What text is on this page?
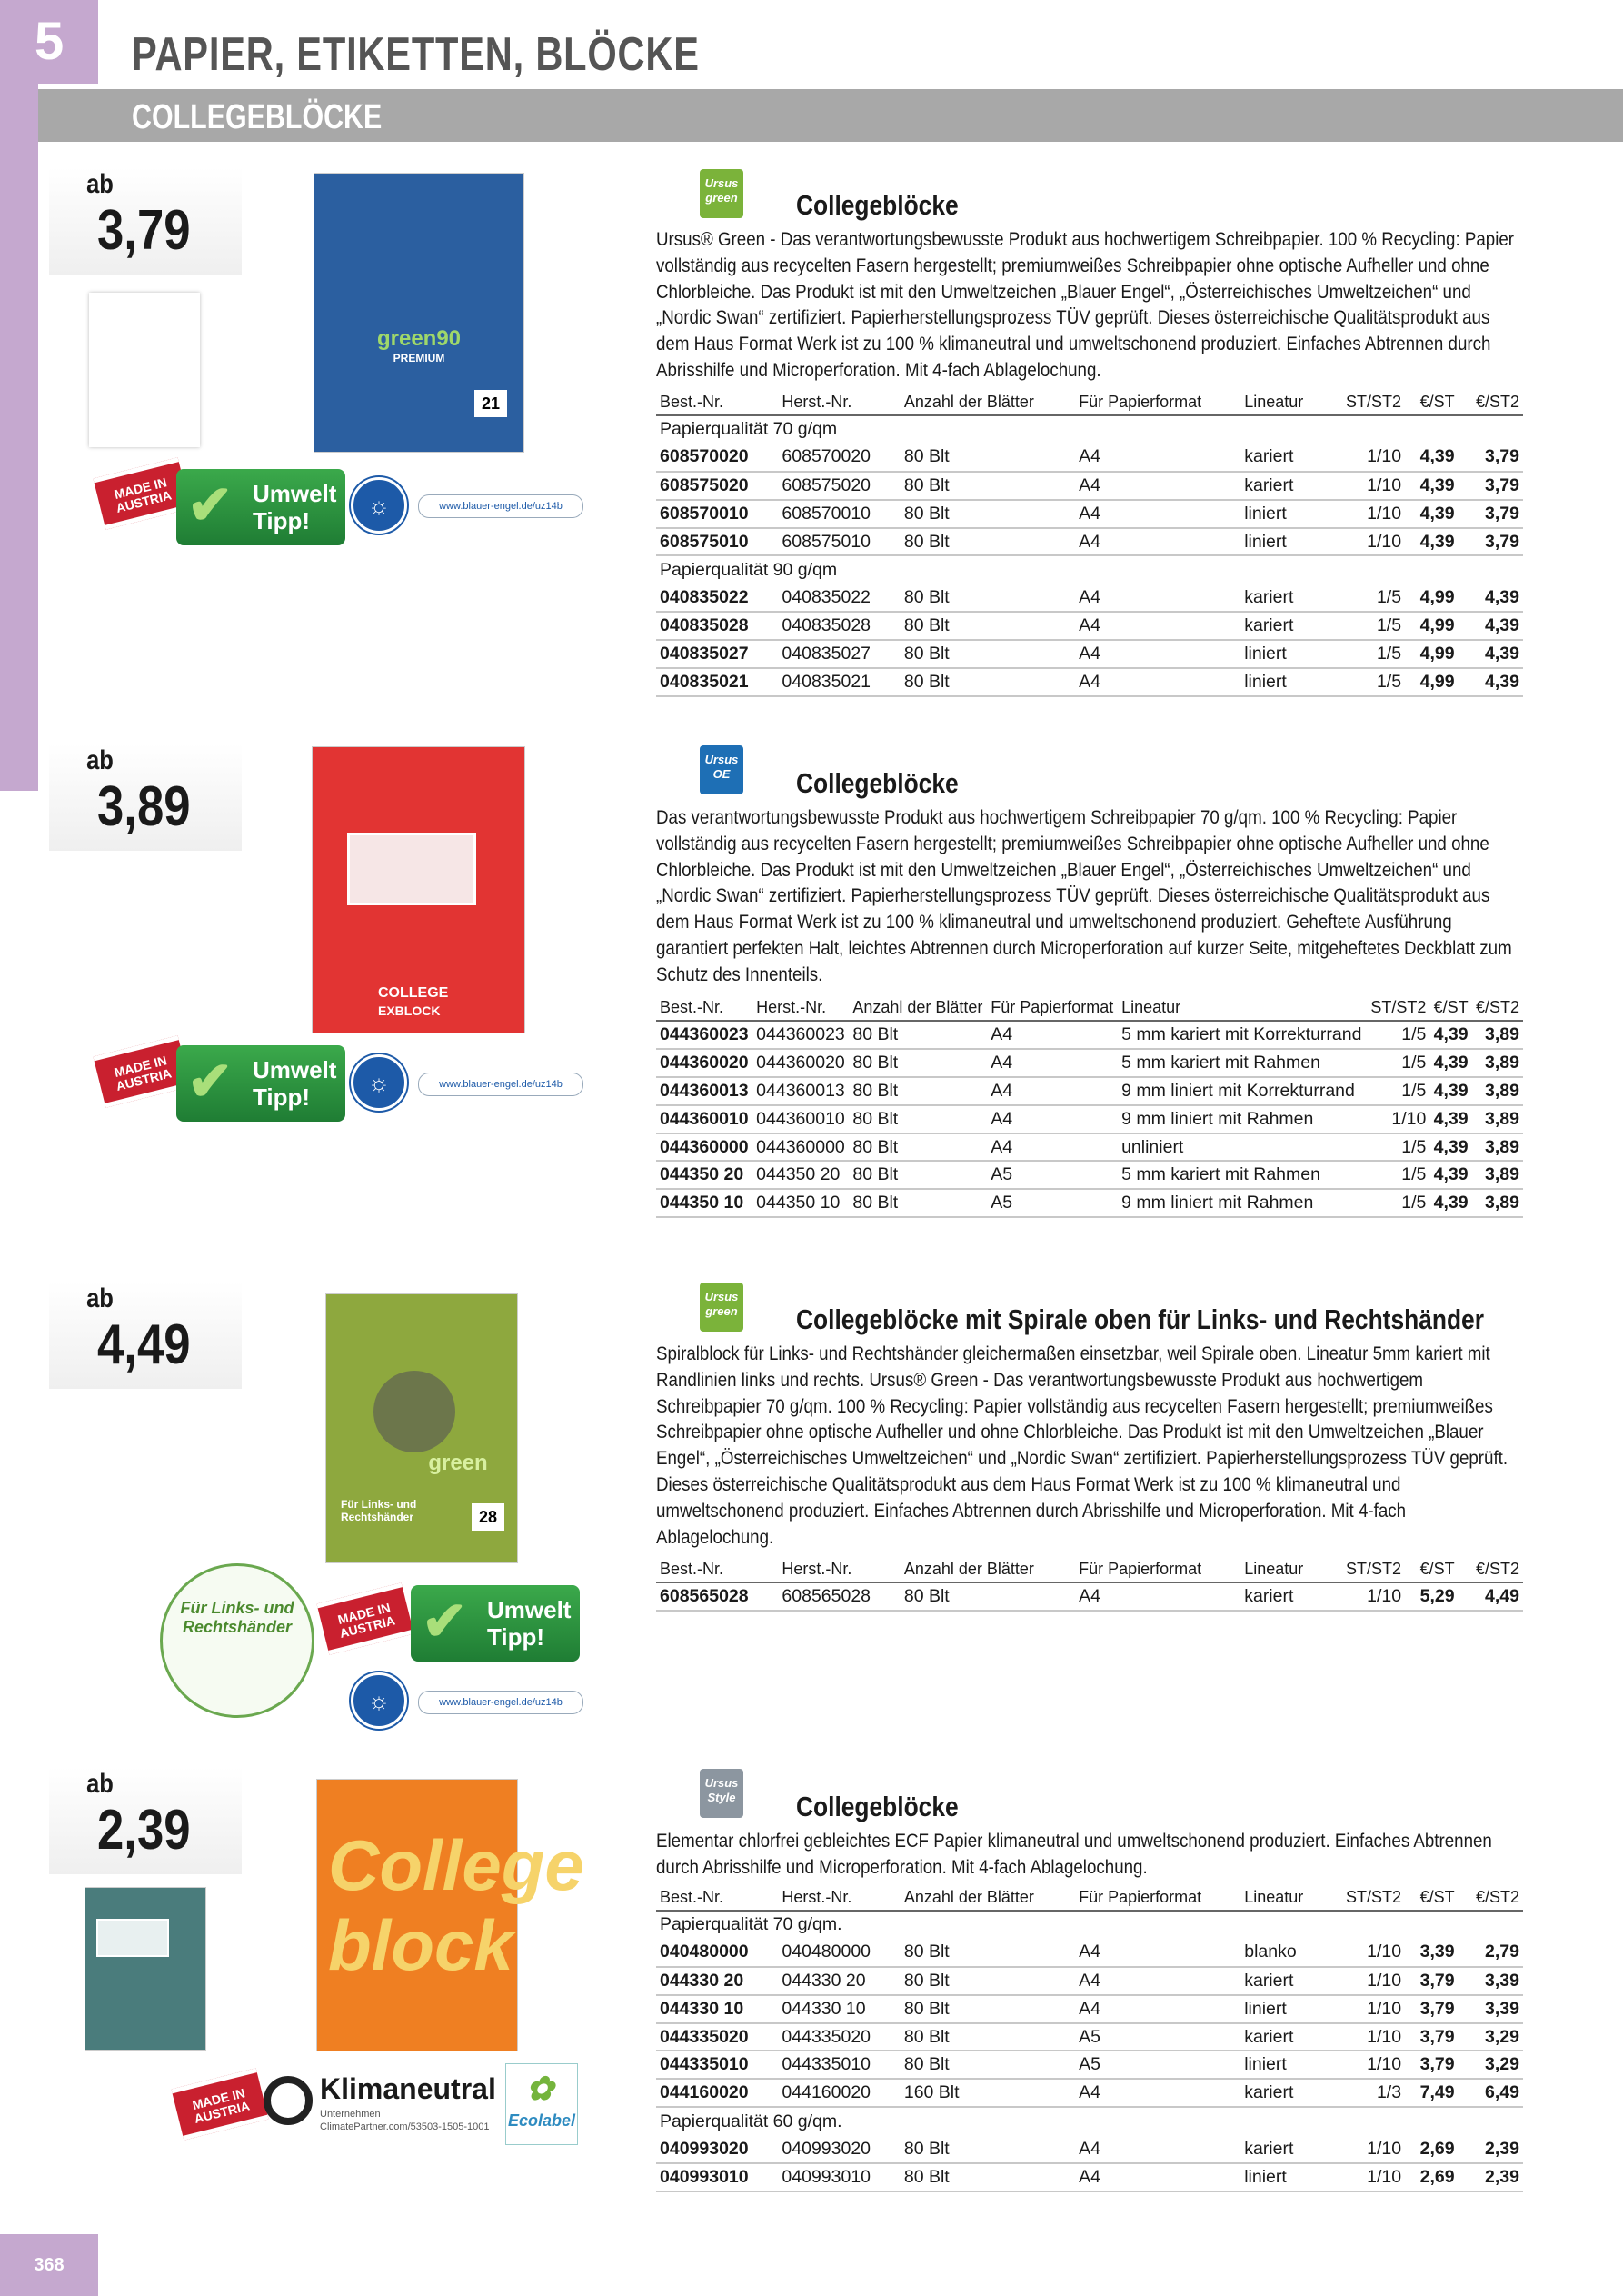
5	PAPIER, ETIKETTEN, BLÖCKE
COLLEGEBLÖCKE
368
ab
3,79
green90
PREMIUM
21
MADE IN AUSTRIA ✔ Umwelt Tipp!
☼	www.blauer-engel.de/uz14b
Ursus green Collegeblöcke
Ursus® Green - Das verantwortungsbewusste Produkt aus hochwertigem Schreibpapier. 100 % Recycling: Papier vollständig aus recycelten Fasern hergestellt; premiumweißes Schreibpapier ohne optische Aufheller und ohne Chlorbleiche. Das Produkt ist mit den Umweltzeichen „Blauer Engel“, „Österreichisches Umweltzeichen“ und „Nordic Swan“ zertifiziert. Papierherstellungsprozess TÜV geprüft. Dieses österreichische Qualitätsprodukt aus dem Haus Format Werk ist zu 100 % klimaneutral und umweltschonend produziert. Einfaches Abtrennen durch Abrisshilfe und Microperforation. Mit 4-fach Ablagelochung.
Best.-Nr.	Herst.-Nr.	Anzahl der Blätter	Für Papierformat	Lineatur	ST/ST2	€/ST	€/ST2
Papierqualität 70 g/qm							
608570020	608570020	80 Blt	A4	kariert	1/10	4,39	3,79
608575020	608575020	80 Blt	A4	kariert	1/10	4,39	3,79
608570010	608570010	80 Blt	A4	liniert	1/10	4,39	3,79
608575010	608575010	80 Blt	A4	liniert	1/10	4,39	3,79
Papierqualität 90 g/qm							
040835022	040835022	80 Blt	A4	kariert	1/5	4,99	4,39
040835028	040835028	80 Blt	A4	kariert	1/5	4,99	4,39
040835027	040835027	80 Blt	A4	liniert	1/5	4,99	4,39
040835021	040835021	80 Blt	A4	liniert	1/5	4,99	4,39
ab
3,89
COLLEGE
EXBLOCK
MADE IN AUSTRIA ✔ Umwelt Tipp!
☼	www.blauer-engel.de/uz14b
Ursus OE	Collegeblöcke
Das verantwortungsbewusste Produkt aus hochwertigem Schreibpapier 70 g/qm. 100 % Recycling: Papier vollständig aus recycelten Fasern hergestellt; premiumweißes Schreibpapier ohne optische Aufheller und ohne Chlorbleiche. Das Produkt ist mit den Umweltzeichen „Blauer Engel“, „Österreichisches Umweltzeichen“ und „Nordic Swan“ zertifiziert. Papierherstellungsprozess TÜV geprüft. Dieses österreichische Qualitätsprodukt aus dem Haus Format Werk ist zu 100 % klimaneutral und umweltschonend produziert. Geheftete Ausführung garantiert perfekten Halt, leichtes Abtrennen durch Microperforation auf kurzer Seite, mitgeheftetes Deckblatt zum Schutz des Innenteils.
Best.-Nr.	Herst.-Nr.	Anzahl der Blätter	Für Papierformat	Lineatur	ST/ST2	€/ST	€/ST2
044360023	044360023	80 Blt	A4	5 mm kariert mit Korrekturrand	1/5	4,39	3,89
044360020	044360020	80 Blt	A4	5 mm kariert mit Rahmen	1/5	4,39	3,89
044360013	044360013	80 Blt	A4	9 mm liniert mit Korrekturrand	1/5	4,39	3,89
044360010	044360010	80 Blt	A4	9 mm liniert mit Rahmen	1/10	4,39	3,89
044360000	044360000	80 Blt	A4	unliniert	1/5	4,39	3,89
044350 20	044350 20	80 Blt	A5	5 mm kariert mit Rahmen	1/5	4,39	3,89
044350 10	044350 10	80 Blt	A5	9 mm liniert mit Rahmen	1/5	4,39	3,89
ab
4,49
green
Für Links- und Rechtshänder	28
Für Links- und Rechtshänder	MADE IN AUSTRIA ✔ Umwelt Tipp!
☼	www.blauer-engel.de/uz14b
Ursus green Collegeblöcke mit Spirale oben für Links- und Rechtshänder
Spiralblock für Links- und Rechtshänder gleichermaßen einsetzbar, weil Spirale oben. Lineatur 5mm kariert mit Randlinien links und rechts. Ursus® Green - Das verantwortungsbewusste Produkt aus hochwertigem Schreibpapier 70 g/qm. 100 % Recycling: Papier vollständig aus recycelten Fasern hergestellt; premiumweißes Schreibpapier ohne optische Aufheller und ohne Chlorbleiche. Das Produkt ist mit den Umweltzeichen „Blauer Engel“, „Österreichisches Umweltzeichen“ und „Nordic Swan“ zertifiziert. Papierherstellungsprozess TÜV geprüft. Dieses österreichische Qualitätsprodukt aus dem Haus Format Werk ist zu 100 % klimaneutral und umweltschonend produziert. Einfaches Abtrennen durch Abrisshilfe und Microperforation. Mit 4-fach Ablagelochung.
Best.-Nr.	Herst.-Nr.	Anzahl der Blätter	Für Papierformat	Lineatur	ST/ST2	€/ST	€/ST2
608565028	608565028	80 Blt	A4	kariert	1/10	5,29	4,49
ab
2,39 College block
MADE IN AUSTRIA
Klimaneutral
Unternehmen
ClimatePartner.com/53503-1505-1001 ✿ Ecolabel
Ursus Style Collegeblöcke
Elementar chlorfrei gebleichtes ECF Papier klimaneutral und umweltschonend produziert. Einfaches Abtrennen durch Abrisshilfe und Microperforation. Mit 4-fach Ablagelochung.
Best.-Nr.	Herst.-Nr.	Anzahl der Blätter	Für Papierformat	Lineatur	ST/ST2	€/ST	€/ST2
Papierqualität 70 g/qm.							
040480000	040480000	80 Blt	A4	blanko	1/10	3,39	2,79
044330 20	044330 20	80 Blt	A4	kariert	1/10	3,79	3,39
044330 10	044330 10	80 Blt	A4	liniert	1/10	3,79	3,39
044335020	044335020	80 Blt	A5	kariert	1/10	3,79	3,29
044335010	044335010	80 Blt	A5	liniert	1/10	3,79	3,29
044160020	044160020	160 Blt	A4	kariert	1/3	7,49	6,49
Papierqualität 60 g/qm.							
040993020	040993020	80 Blt	A4	kariert	1/10	2,69	2,39
040993010	040993010	80 Blt	A4	liniert	1/10	2,69	2,39
